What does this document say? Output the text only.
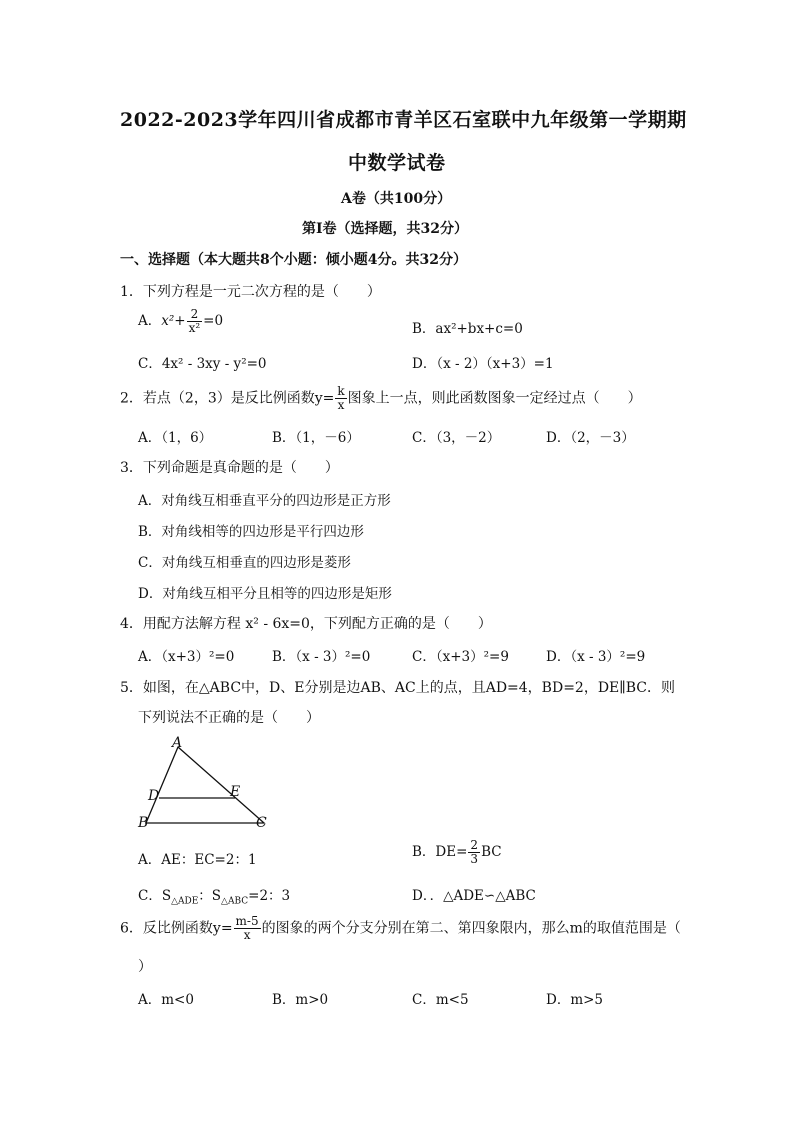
2022-2023学年四川省成都市青羊区石室联中九年级第一学期期
中数学试卷
A卷（共100分）
第Ⅰ卷（选择题，共32分）
一、选择题（本大题共8个小题：倾小题4分。共32分）
1．下列方程是一元二次方程的是（　　）
A．$x^2+ \frac{2}{\text{x²}} =0$	B．ax²+bx+c=0
C．4x² - 3xy - y²=0	D．（x - 2）（x+3）=1
2．若点（2，3）是反比例函数$y= \frac{k}{x}$ 图象上一点，则此函数图象一定经过点（　　）
A．（1，6）	B．（1，－6）	C．（3，－2）	D．（2，－3）
3．下列命题是真命题的是（　　）
A．对角线互相垂直平分的四边形是正方形
B．对角线相等的四边形是平行四边形
C．对角线互相垂直的四边形是菱形
D．对角线互相平分且相等的四边形是矩形
4．用配方法解方程 x² - 6x=0，下列配方正确的是（　　）
A．（x+3）²=0	B．（x - 3）²=0	C．（x+3）²=9	D．（x - 3）²=9
5．如图，在△ABC中，D、E分别是边AB、AC上的点，且AD=4，BD=2，DE∥BC．则
下列说法不正确的是（　　）
A
D	E
B	C
A．AE：EC=2：1	B．$DE= \frac{2}{3}$ BC
C．$S_{\triangle ADE}$：$S_{\triangle ABC}=2$：3	D．．△ADE∽△ABC
6．反比例函数$y= \frac{m-5}{x}$ 的图象的两个分支分别在第二、第四象限内，那么m的取值范围是（
）
A．m<0	B．m>0	C．m<5	D．m>5
